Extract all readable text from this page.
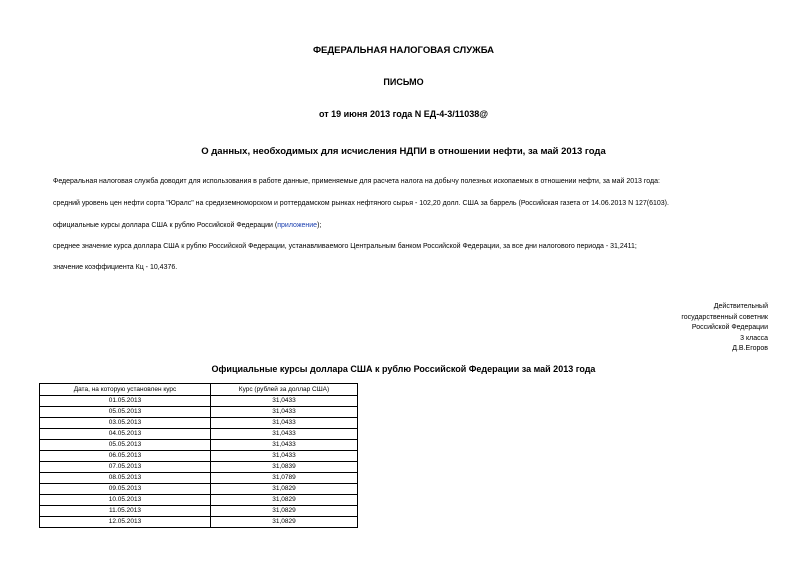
ФЕДЕРАЛЬНАЯ НАЛОГОВАЯ СЛУЖБА
ПИСЬМО
от 19 июня 2013 года N ЕД-4-3/11038@
О данных, необходимых для исчисления НДПИ в отношении нефти, за май 2013 года
Федеральная налоговая служба доводит для использования в работе данные, применяемые для расчета налога на добычу полезных ископаемых в отношении нефти, за май 2013 года:
средний уровень цен нефти сорта "Юралс" на средиземноморском и роттердамском рынках нефтяного сырья - 102,20 долл. США за баррель (Российская газета от 14.06.2013 N 127(6103).
официальные курсы доллара США к рублю Российской Федерации (приложение);
среднее значение курса доллара США к рублю Российской Федерации, устанавливаемого Центральным банком Российской Федерации, за все дни налогового периода - 31,2411;
значение коэффициента Кц - 10,4376.
Действительный
государственный советник
Российской Федерации
3 класса
Д.В.Егоров
Официальные курсы доллара США к рублю Российской Федерации за май 2013 года
Дата, на которую установлен курс	Курс (рублей за доллар США)
01.05.2013	31,0433
05.05.2013	31,0433
03.05.2013	31,0433
04.05.2013	31,0433
05.05.2013	31,0433
06.05.2013	31,0433
07.05.2013	31,0839
08.05.2013	31,0789
09.05.2013	31,0829
10.05.2013	31,0829
11.05.2013	31,0829
12.05.2013	31,0829
